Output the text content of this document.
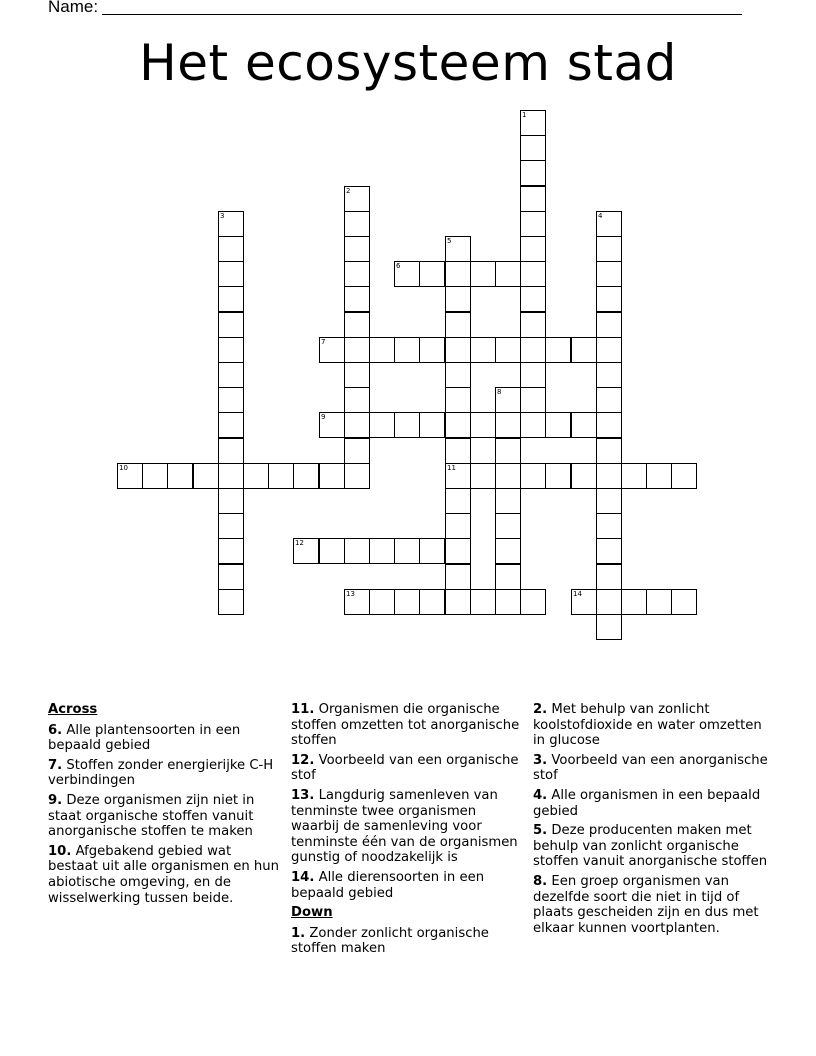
Name:
Het ecosysteem stad
1
2
3	4
5
11
6
7
8
9
10
12
13	14
Across
6. Alle plantensoorten in een bepaald gebied
7. Stoffen zonder energierijke C-H verbindingen
9. Deze organismen zijn niet in staat organische stoffen vanuit anorganische stoffen te maken
10. Afgebakend gebied wat bestaat uit alle organismen en hun abiotische omgeving, en de wisselwerking tussen beide.
11. Organismen die organische stoffen omzetten tot anorganische stoffen
12. Voorbeeld van een organische stof
13. Langdurig samenleven van tenminste twee organismen waarbij de samenleving voor tenminste één van de organismen gunstig of noodzakelijk is
14. Alle dierensoorten in een bepaald gebied
Down
1. Zonder zonlicht organische stoffen maken
2. Met behulp van zonlicht koolstofdioxide en water omzetten in glucose
3. Voorbeeld van een anorganische stof
4. Alle organismen in een bepaald gebied
5. Deze producenten maken met behulp van zonlicht organische stoffen vanuit anorganische stoffen
8. Een groep organismen van dezelfde soort die niet in tijd of plaats gescheiden zijn en dus met elkaar kunnen voortplanten.
